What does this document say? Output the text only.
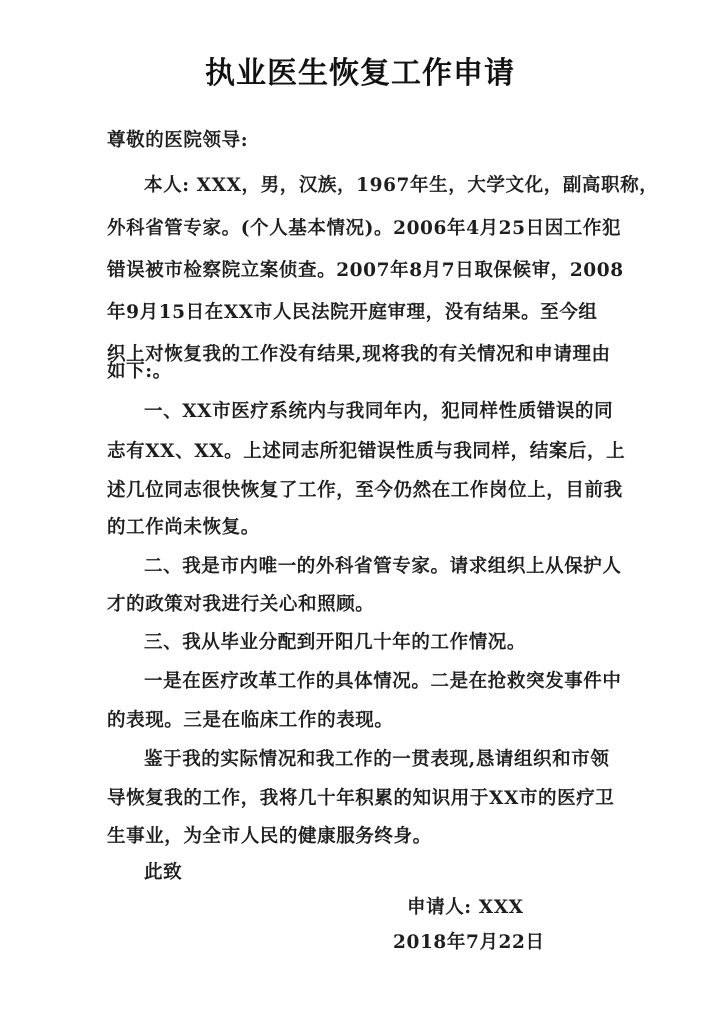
执业医生恢复工作申请
尊敬的医院领导:
本人: XXX，男，汉族，1967年生，大学文化，副高职称，
外科省管专家。(个人基本情况)。2006年4月25日因工作犯
错误被市检察院立案侦查。2007年8月7日取保候审，2008
年9月15日在XX市人民法院开庭审理，没有结果。至今组
织上对恢复我的工作没有结果,现将我的有关情况和申请理由
如下:。
一、XX市医疗系统内与我同年内，犯同样性质错误的同
志有XX、XX。上述同志所犯错误性质与我同样，结案后，上
述几位同志很快恢复了工作，至今仍然在工作岗位上，目前我
的工作尚未恢复。
二、我是市内唯一的外科省管专家。请求组织上从保护人
才的政策对我进行关心和照顾。
三、我从毕业分配到开阳几十年的工作情况。
一是在医疗改革工作的具体情况。二是在抢救突发事件中
的表现。三是在临床工作的表现。
鉴于我的实际情况和我工作的一贯表现,恳请组织和市领
导恢复我的工作，我将几十年积累的知识用于XX市的医疗卫
生事业，为全市人民的健康服务终身。
此致
申请人: XXX
2018年7月22日
